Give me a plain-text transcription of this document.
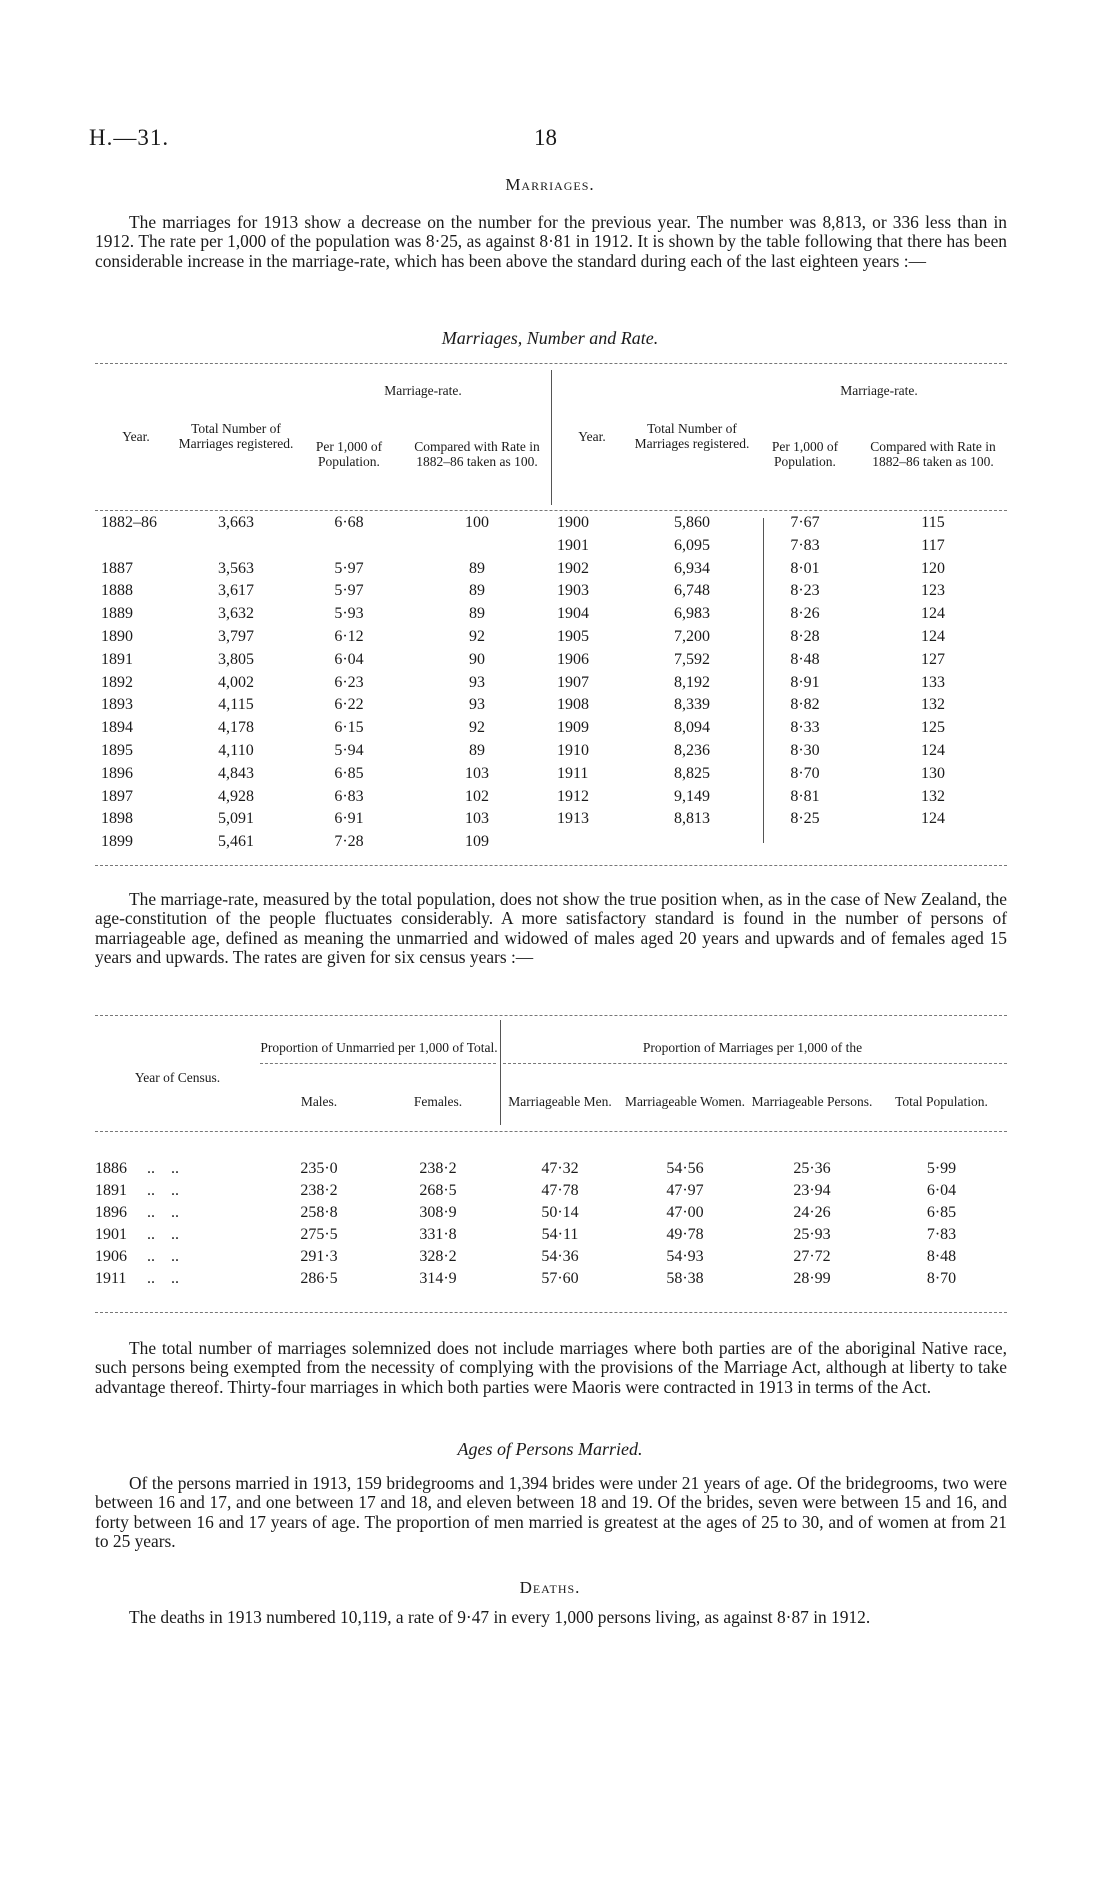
H.—31.	18
Marriages.
The marriages for 1913 show a decrease on the number for the previous year. The number was 8,813, or 336 less than in 1912. The rate per 1,000 of the population was 8·25, as against 8·81 in 1912. It is shown by the table following that there has been considerable increase in the marriage-rate, which has been above the standard during each of the last eighteen years :—
Marriages, Number and Rate.
Year.	Total Number of Marriages registered.	Marriage-rate.		Year.	Total Number of Marriages registered.	Marriage-rate.	
		Per 1,000 of Population.	Compared with Rate in 1882–86 taken as 100.			Per 1,000 of Population.	Compared with Rate in 1882–86 taken as 100.

1882–86	3,663	6·68	100	1900	5,860	7·67	115
				1901	6,095	7·83	117
1887	3,563	5·97	89	1902	6,934	8·01	120
1888	3,617	5·97	89	1903	6,748	8·23	123
1889	3,632	5·93	89	1904	6,983	8·26	124
1890	3,797	6·12	92	1905	7,200	8·28	124
1891	3,805	6·04	90	1906	7,592	8·48	127
1892	4,002	6·23	93	1907	8,192	8·91	133
1893	4,115	6·22	93	1908	8,339	8·82	132
1894	4,178	6·15	92	1909	8,094	8·33	125
1895	4,110	5·94	89	1910	8,236	8·30	124
1896	4,843	6·85	103	1911	8,825	8·70	130
1897	4,928	6·83	102	1912	9,149	8·81	132
1898	5,091	6·91	103	1913	8,813	8·25	124
1899	5,461	7·28	109				
The marriage-rate, measured by the total population, does not show the true position when, as in the case of New Zealand, the age-constitution of the people fluctuates considerably. A more satisfactory standard is found in the number of persons of marriageable age, defined as meaning the unmarried and widowed of males aged 20 years and upwards and of females aged 15 years and upwards. The rates are given for six census years :—
Year of Census.	Proportion of Unmarried per 1,000 of Total.		Proportion of Marriages per 1,000 of the			
	Males.	Females.	Marriageable Men.	Marriageable Women.	Marriageable Persons.	Total Population.

1886 ..    ..	235·0	238·2	47·32	54·56	25·36	5·99
1891 ..    ..	238·2	268·5	47·78	47·97	23·94	6·04
1896 ..    ..	258·8	308·9	50·14	47·00	24·26	6·85
1901 ..    ..	275·5	331·8	54·11	49·78	25·93	7·83
1906 ..    ..	291·3	328·2	54·36	54·93	27·72	8·48
1911 ..    ..	286·5	314·9	57·60	58·38	28·99	8·70
The total number of marriages solemnized does not include marriages where both parties are of the aboriginal Native race, such persons being exempted from the necessity of complying with the provisions of the Marriage Act, although at liberty to take advantage thereof. Thirty-four marriages in which both parties were Maoris were contracted in 1913 in terms of the Act.
Ages of Persons Married.
Of the persons married in 1913, 159 bridegrooms and 1,394 brides were under 21 years of age. Of the bridegrooms, two were between 16 and 17, and one between 17 and 18, and eleven between 18 and 19. Of the brides, seven were between 15 and 16, and forty between 16 and 17 years of age. The proportion of men married is greatest at the ages of 25 to 30, and of women at from 21 to 25 years.
Deaths.
The deaths in 1913 numbered 10,119, a rate of 9·47 in every 1,000 persons living, as against 8·87 in 1912.
